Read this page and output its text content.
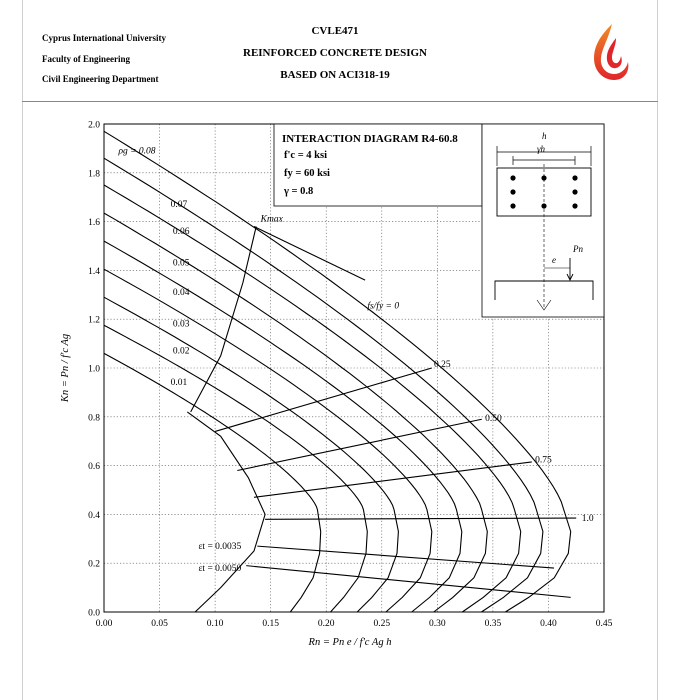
Cyprus International University
Faculty of Engineering
Civil Engineering Department
CVLE471
REINFORCED CONCRETE DESIGN
BASED ON ACI318-19
0.00	0.05	0.10	0.15	0.20	0.25	0.30	0.35	0.40	0.45
0.0
0.2
0.4
0.6
0.8
1.0
1.2
1.4
1.6
1.8
2.0
INTERACTION DIAGRAM R4-60.8
f'c = 4 ksi
fy = 60 ksi
γ = 0.8
h
γh
Pn
e
ρg = 0.08
0.07
0.06
0.05
0.04
0.03
0.02
0.01
fs/fy = 0
0.25
0.50
0.75
1.0
εt = 0.0035
εt = 0.0050
Kmax
Rn = Pn e / f'c Ag h
Kn = Pn / f'c Ag
